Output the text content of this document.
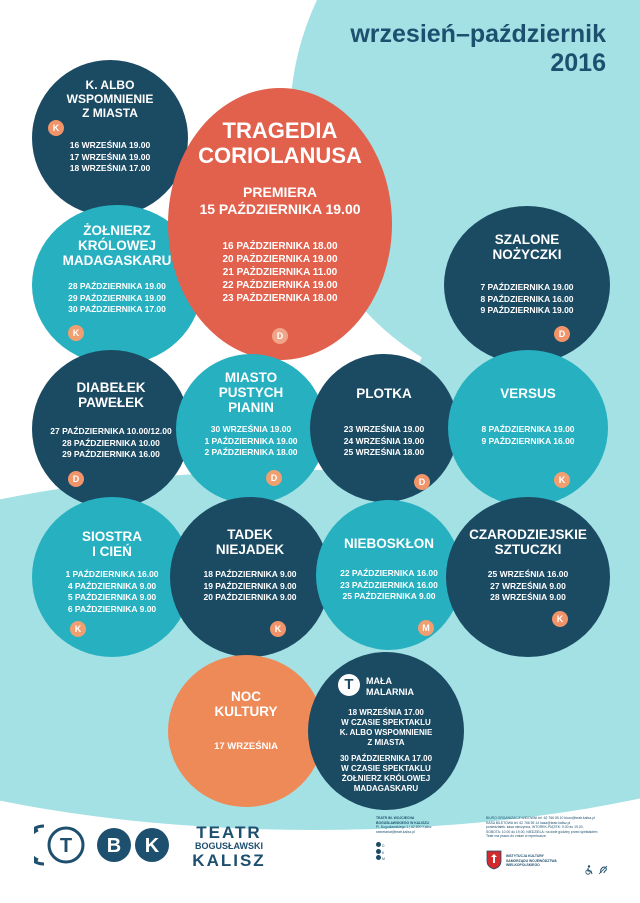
wrzesień–październik
2016
K. ALBO
WSPOMNIENIE
Z MIASTA
K
16 WRZEŚNIA 19.00
17 WRZEŚNIA 19.00
18 WRZEŚNIA 17.00
ŻOŁNIERZ
KRÓLOWEJ
MADAGASKARU
28 PAŹDZIERNIKA 19.00
29 PAŹDZIERNIKA 19.00
30 PAŹDZIERNIKA 17.00
K
TRAGEDIA
CORIOLANUSA
PREMIERA
15 PAŹDZIERNIKA 19.00
16 PAŹDZIERNIKA 18.00
20 PAŹDZIERNIKA 19.00
21 PAŹDZIERNIKA 11.00
22 PAŹDZIERNIKA 19.00
23 PAŹDZIERNIKA 18.00
D
SZALONE
NOŻYCZKI
7 PAŹDZIERNIKA 19.00
8 PAŹDZIERNIKA 16.00
9 PAŹDZIERNIKA 19.00
D
DIABEŁEK
PAWEŁEK
27 PAŹDZIERNIKA 10.00/12.00
28 PAŹDZIERNIKA 10.00
29 PAŹDZIERNIKA 16.00
D
MIASTO
PUSTYCH
PIANIN
30 WRZEŚNIA 19.00
1 PAŹDZIERNIKA 19.00
2 PAŹDZIERNIKA 18.00
D
PLOTKA
23 WRZEŚNIA 19.00
24 WRZEŚNIA 19.00
25 WRZEŚNIA 18.00
D
VERSUS
8 PAŹDZIERNIKA 19.00
9 PAŹDZIERNIKA 16.00
K
SIOSTRA
I CIEŃ
1 PAŹDZIERNIKA 16.00
4 PAŹDZIERNIKA 9.00
5 PAŹDZIERNIKA 9.00
6 PAŹDZIERNIKA 9.00
K
TADEK
NIEJADEK
18 PAŹDZIERNIKA 9.00
19 PAŹDZIERNIKA 9.00
20 PAŹDZIERNIKA 9.00
K
NIEBOSKŁON
22 PAŹDZIERNIKA 16.00
23 PAŹDZIERNIKA 16.00
25 PAŹDZIERNIKA 9.00
M
CZARODZIEJSKIE
SZTUCZKI
25 WRZEŚNIA 16.00
27 WRZEŚNIA 9.00
28 WRZEŚNIA 9.00
K
NOC
KULTURY
17 WRZEŚNIA
T	MAŁA
MALARNIA
18 WRZEŚNIA 17.00
W CZASIE SPEKTAKLU
K. ALBO WSPOMNIENIE
Z MIASTA
30 PAŹDZIERNIKA 17.00
W CZASIE SPEKTAKLU
ŻOŁNIERZ KRÓLOWEJ
MADAGASKARU
T B K
TEATR
BOGUSŁAWSKI
KALISZ
TEATR IM. WOJCIECHA
BOGUSŁAWSKIEGO W KALISZU
Pl. Bogusławskiego 1 | 62-800 Kalisz
sekretariat@teatr.kalisz.pl
D
K
M
BIURO ORGANIZACJI WIDOWNI tel. 62 766 55 10 biuro@teatr.kalisz.pl
KASA BILETOWA tel. 62 766 55 14 kasa@teatr.kalisz.pl
poniedziałek: kasa nieczynna, WTOREK-PIĄTEK: 9.00 do 19.00,
SOBOTA: 10.00 do 19.00, NIEDZIELA: na dwie godziny przed spektaklem
Teatr ma prawo do zmian w repertuarze.
INSTYTUCJA KULTURY
SAMORZĄDU WOJEWÓDZTWA
WIELKOPOLSKIEGO
